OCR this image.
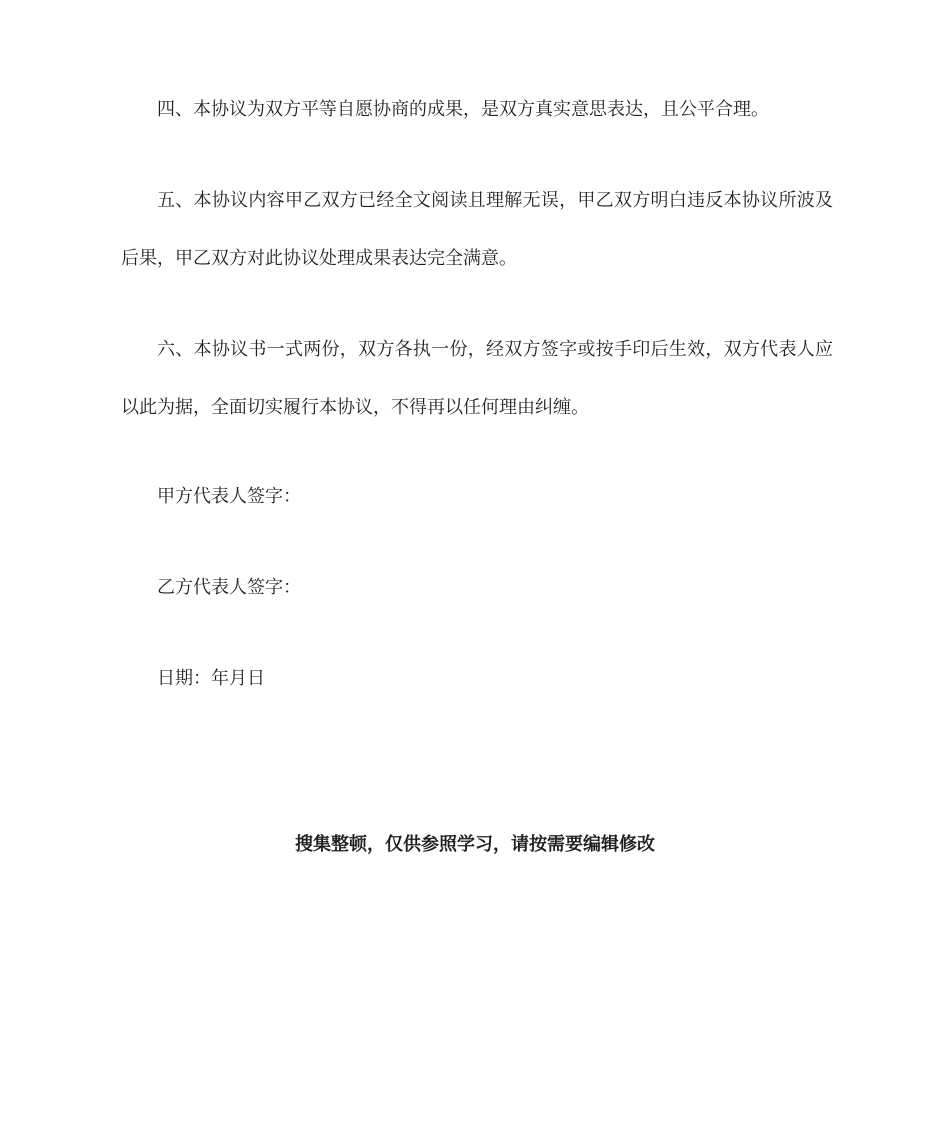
四、本协议为双方平等自愿协商的成果，是双方真实意思表达，且公平合理。

五、本协议内容甲乙双方已经全文阅读且理解无误，甲乙双方明白违反本协议所波及后果，甲乙双方对此协议处理成果表达完全满意。

六、本协议书一式两份，双方各执一份，经双方签字或按手印后生效，双方代表人应以此为据，全面切实履行本协议，不得再以任何理由纠缠。

甲方代表人签字：

乙方代表人签字：

日期：年月日

搜集整顿，仅供参照学习，请按需要编辑修改
